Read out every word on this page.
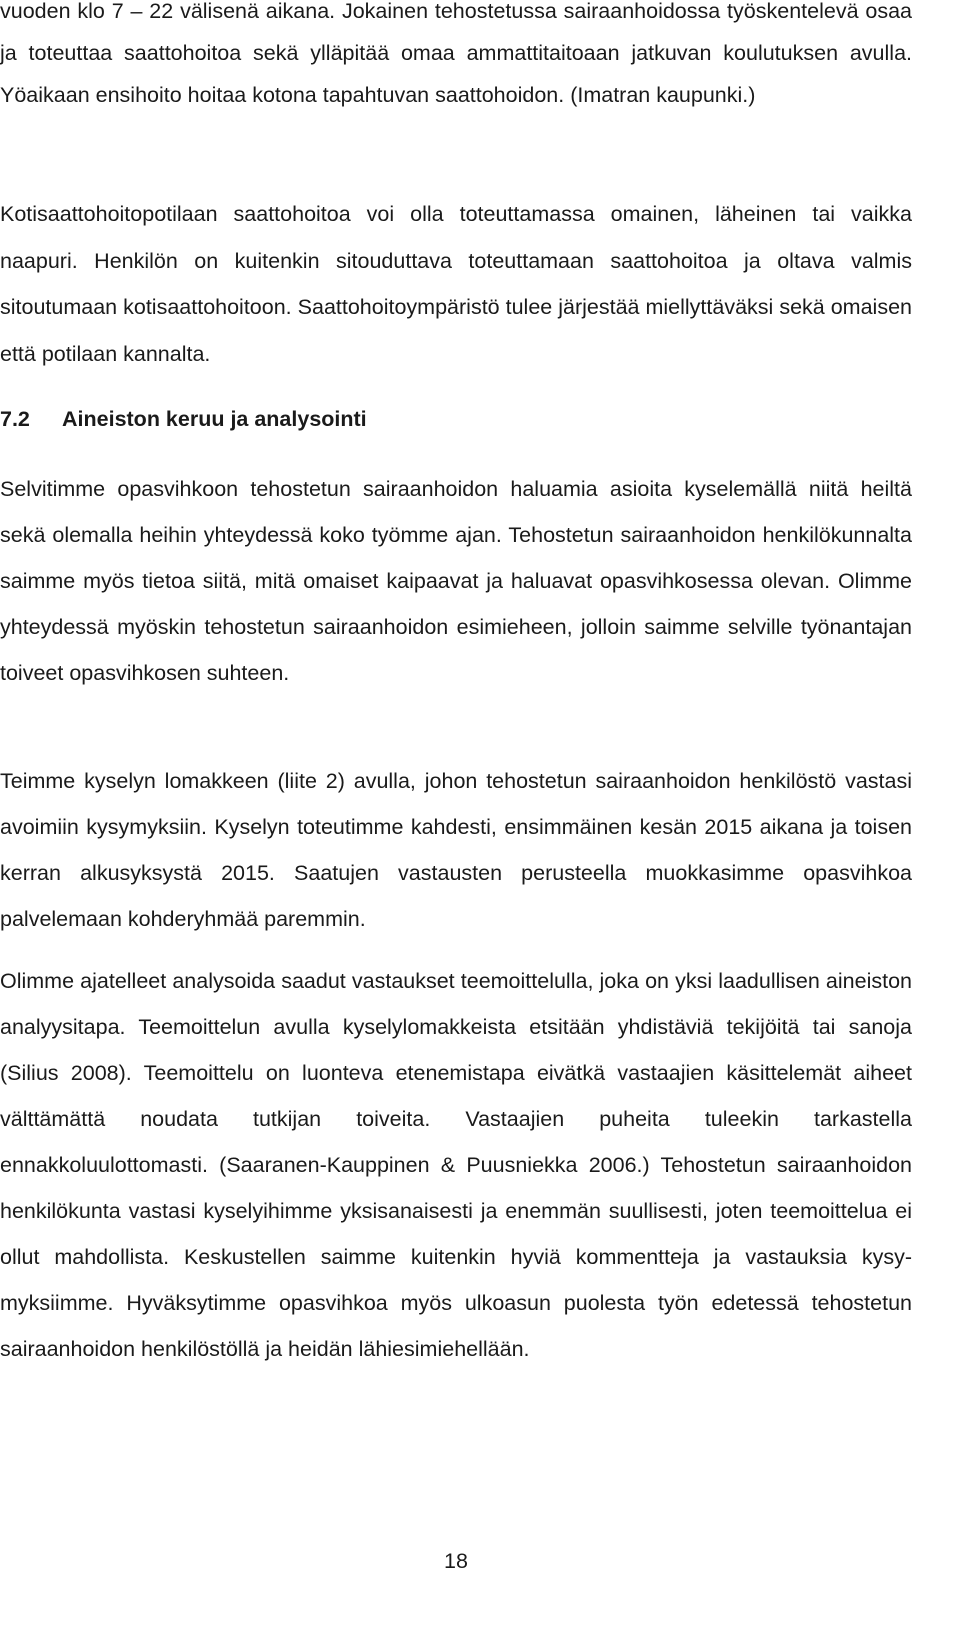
vuoden klo 7 – 22 välisenä aikana. Jokainen tehostetussa sairaanhoidossa työskentelevä osaa ja toteuttaa saattohoitoa sekä ylläpitää omaa ammattitaitoaan jatkuvan koulutuksen avulla. Yöaikaan ensihoito hoitaa kotona tapahtuvan saattohoidon. (Imatran kaupunki.)

Kotisaattohoitopotilaan saattohoitoa voi olla toteuttamassa omainen, läheinen tai vaikka naapuri. Henkilön on kuitenkin sitouduttava toteuttamaan saattohoitoa ja oltava valmis sitoutumaan kotisaattohoitoon. Saattohoitoympäristö tulee järjestää miellyttäväksi sekä omaisen että potilaan kannalta.

7.2 Aineiston keruu ja analysointi

Selvitimme opasvihkoon tehostetun sairaanhoidon haluamia asioita kyselemällä niitä heiltä sekä olemalla heihin yhteydessä koko työmme ajan. Tehostetun sairaanhoidon henkilökunnalta saimme myös tietoa siitä, mitä omaiset kaipaavat ja haluavat opasvihkosessa olevan. Olimme yhteydessä myöskin tehostetun sairaanhoidon esimieheen, jolloin saimme selville työnantajan toiveet opasvihkosen suhteen.

Teimme kyselyn lomakkeen (liite 2) avulla, johon tehostetun sairaanhoidon henkilöstö vastasi avoimiin kysymyksiin. Kyselyn toteutimme kahdesti, ensimmäinen kesän 2015 aikana ja toisen kerran alkusyksystä 2015. Saatujen vastausten perusteella muokkasimme opasvihkoa palvelemaan kohderyhmää paremmin.

Olimme ajatelleet analysoida saadut vastaukset teemoittelulla, joka on yksi laadullisen aineiston analyysitapa. Teemoittelun avulla kyselylomakkeista etsitään yhdistäviä tekijöitä tai sanoja (Silius 2008). Teemoittelu on luonteva etenemistapa eivätkä vastaajien käsittelemät aiheet välttämättä noudata tutkijan toiveita. Vastaajien puheita tuleekin tarkastella ennakkoluulottomasti. (Saaranen-Kauppinen & Puusniekka 2006.) Tehostetun sairaanhoidon henkilökunta vastasi kyselyihimme yksisanaisesti ja enemmän suullisesti, joten teemoittelua ei ollut mahdollista. Keskustellen saimme kuitenkin hyviä kommentteja ja vastauksia kysymyksiimme. Hyväksytimme opasvihkoa myös ulkoasun puolesta työn edetessä tehostetun sairaanhoidon henkilöstöllä ja heidän lähiesimiehellään.

18
